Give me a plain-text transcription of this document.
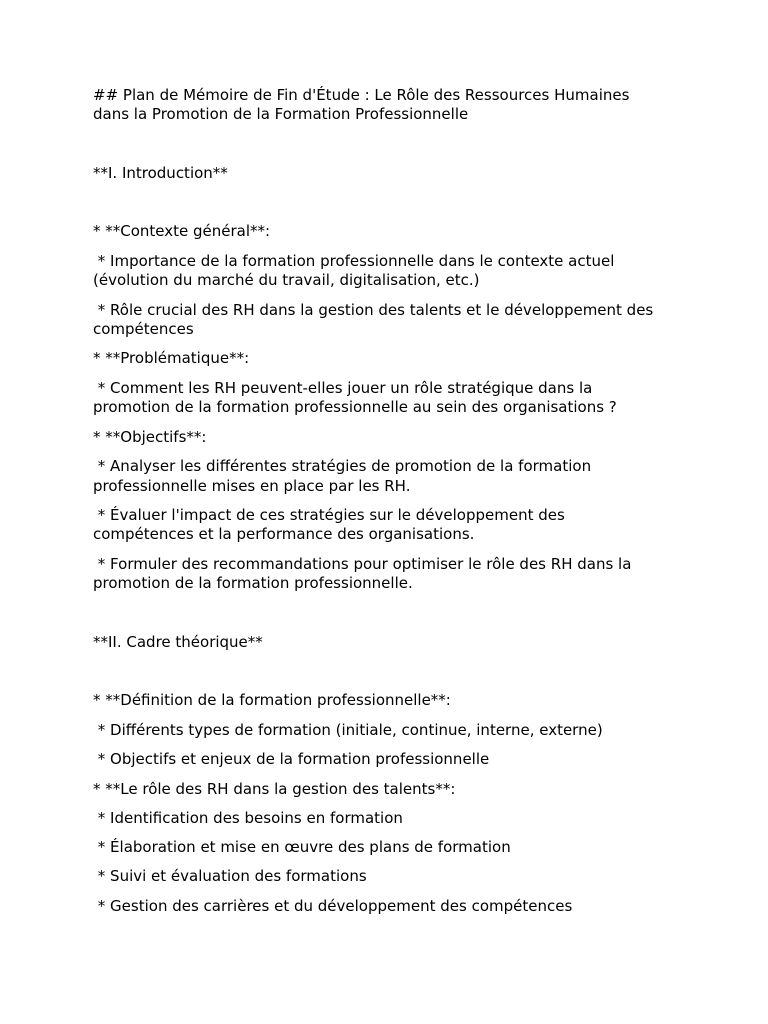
## Plan de Mémoire de Fin d'Étude : Le Rôle des Ressources Humaines

dans la Promotion de la Formation Professionnelle

**I. Introduction**

* **Contexte général**:

* Importance de la formation professionnelle dans le contexte actuel

(évolution du marché du travail, digitalisation, etc.)

* Rôle crucial des RH dans la gestion des talents et le développement des

compétences

* **Problématique**:

* Comment les RH peuvent-elles jouer un rôle stratégique dans la

promotion de la formation professionnelle au sein des organisations ?

* **Objectifs**:

* Analyser les différentes stratégies de promotion de la formation

professionnelle mises en place par les RH.

* Évaluer l'impact de ces stratégies sur le développement des

compétences et la performance des organisations.

* Formuler des recommandations pour optimiser le rôle des RH dans la

promotion de la formation professionnelle.

**II. Cadre théorique**

* **Définition de la formation professionnelle**:

* Différents types de formation (initiale, continue, interne, externe)

* Objectifs et enjeux de la formation professionnelle

* **Le rôle des RH dans la gestion des talents**:

* Identification des besoins en formation

* Élaboration et mise en œuvre des plans de formation

* Suivi et évaluation des formations

* Gestion des carrières et du développement des compétences
